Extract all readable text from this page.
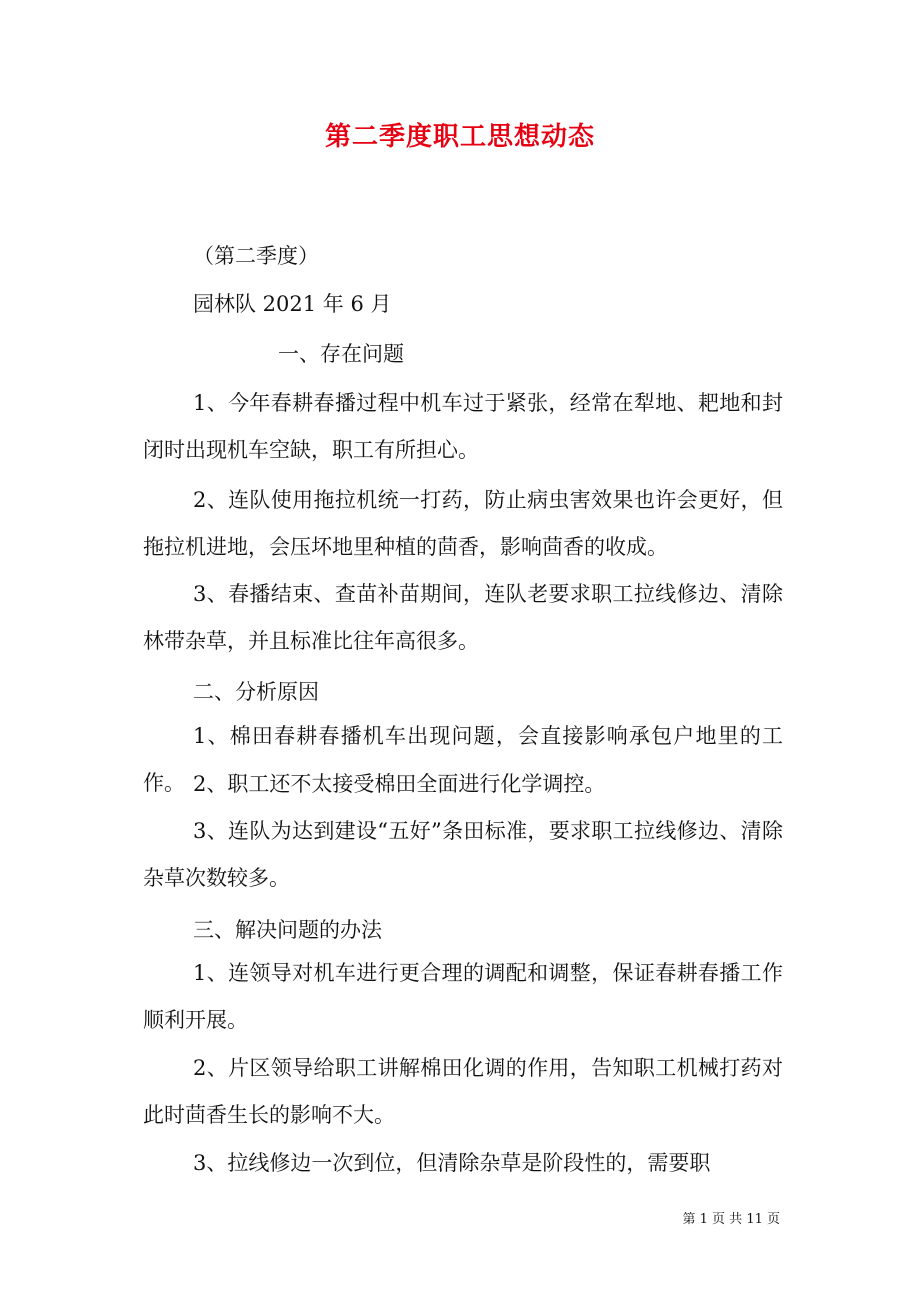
第二季度职工思想动态
（第二季度）
园林队 2021 年 6 月
一、存在问题

1、今年春耕春播过程中机车过于紧张，经常在犁地、耙地和封闭时出现机车空缺，职工有所担心。

2、连队使用拖拉机统一打药，防止病虫害效果也许会更好，但拖拉机进地，会压坏地里种植的茴香，影响茴香的收成。

3、春播结束、查苗补苗期间，连队老要求职工拉线修边、清除林带杂草，并且标准比往年高很多。

二、分析原因

1、棉田春耕春播机车出现问题，会直接影响承包户地里的工作。 2、职工还不太接受棉田全面进行化学调控。

3、连队为达到建设“五好”条田标准，要求职工拉线修边、清除杂草次数较多。

三、解决问题的办法

1、连领导对机车进行更合理的调配和调整，保证春耕春播工作顺利开展。

2、片区领导给职工讲解棉田化调的作用，告知职工机械打药对此时茴香生长的影响不大。

3、拉线修边一次到位，但清除杂草是阶段性的，需要职

第 1 页 共 11 页
